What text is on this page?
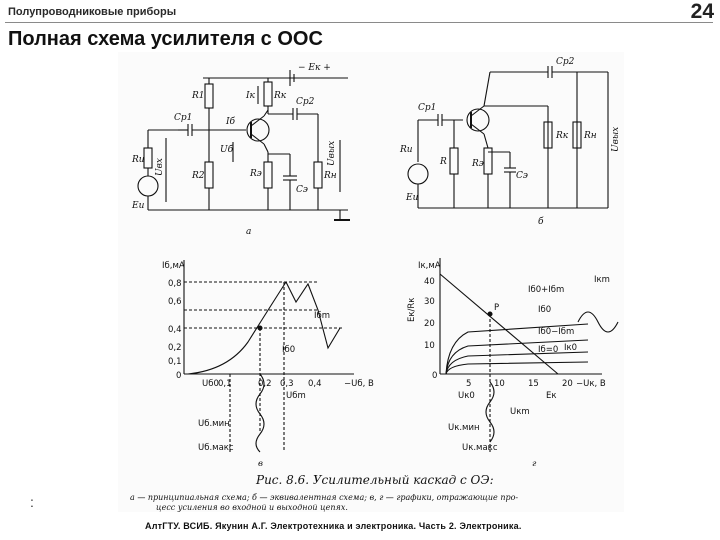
Полупроводниковые приборы	24
Полная схема усилителя с ООС
− Eк +
R1	Iк Rк
Cр2
Cр1	Iб
Uб
R2	Rэ
Cэ
Rн
Uвых
Uвх
Rи
Eи
а
Cр2
Cр1
Rи
R	Rэ
Cэ
Rк Rн Uвых
Eи
б
Iб,мА
0,8
0,6
0,4
0,2
0,1
0
0,1	0,2 0,3 0,4	−Uб, В
Iбm
Iб0
Uб0
Uбm
Uб.мин
Uб.макс
в
Iк,мА
40
30
20
10
0
5	10	15	20 −Uк, В
Eк/Rк
Iб0+Iбm
Iб0
Iб0−Iбm
Iб=0
P
Iкm
Uк0	Eк
Uкm
Uк.мин
Uк.макс
Iк0
г
Рис. 8.6. Усилительный каскад с ОЭ:
а — принципиальная схема; б — эквивалентная схема; в, г — графики, отражающие про-
цесс усиления во входной и выходной цепях.
:
АлтГТУ. ВСИБ. Якунин А.Г. Электротехника и электроника. Часть 2. Электроника.
